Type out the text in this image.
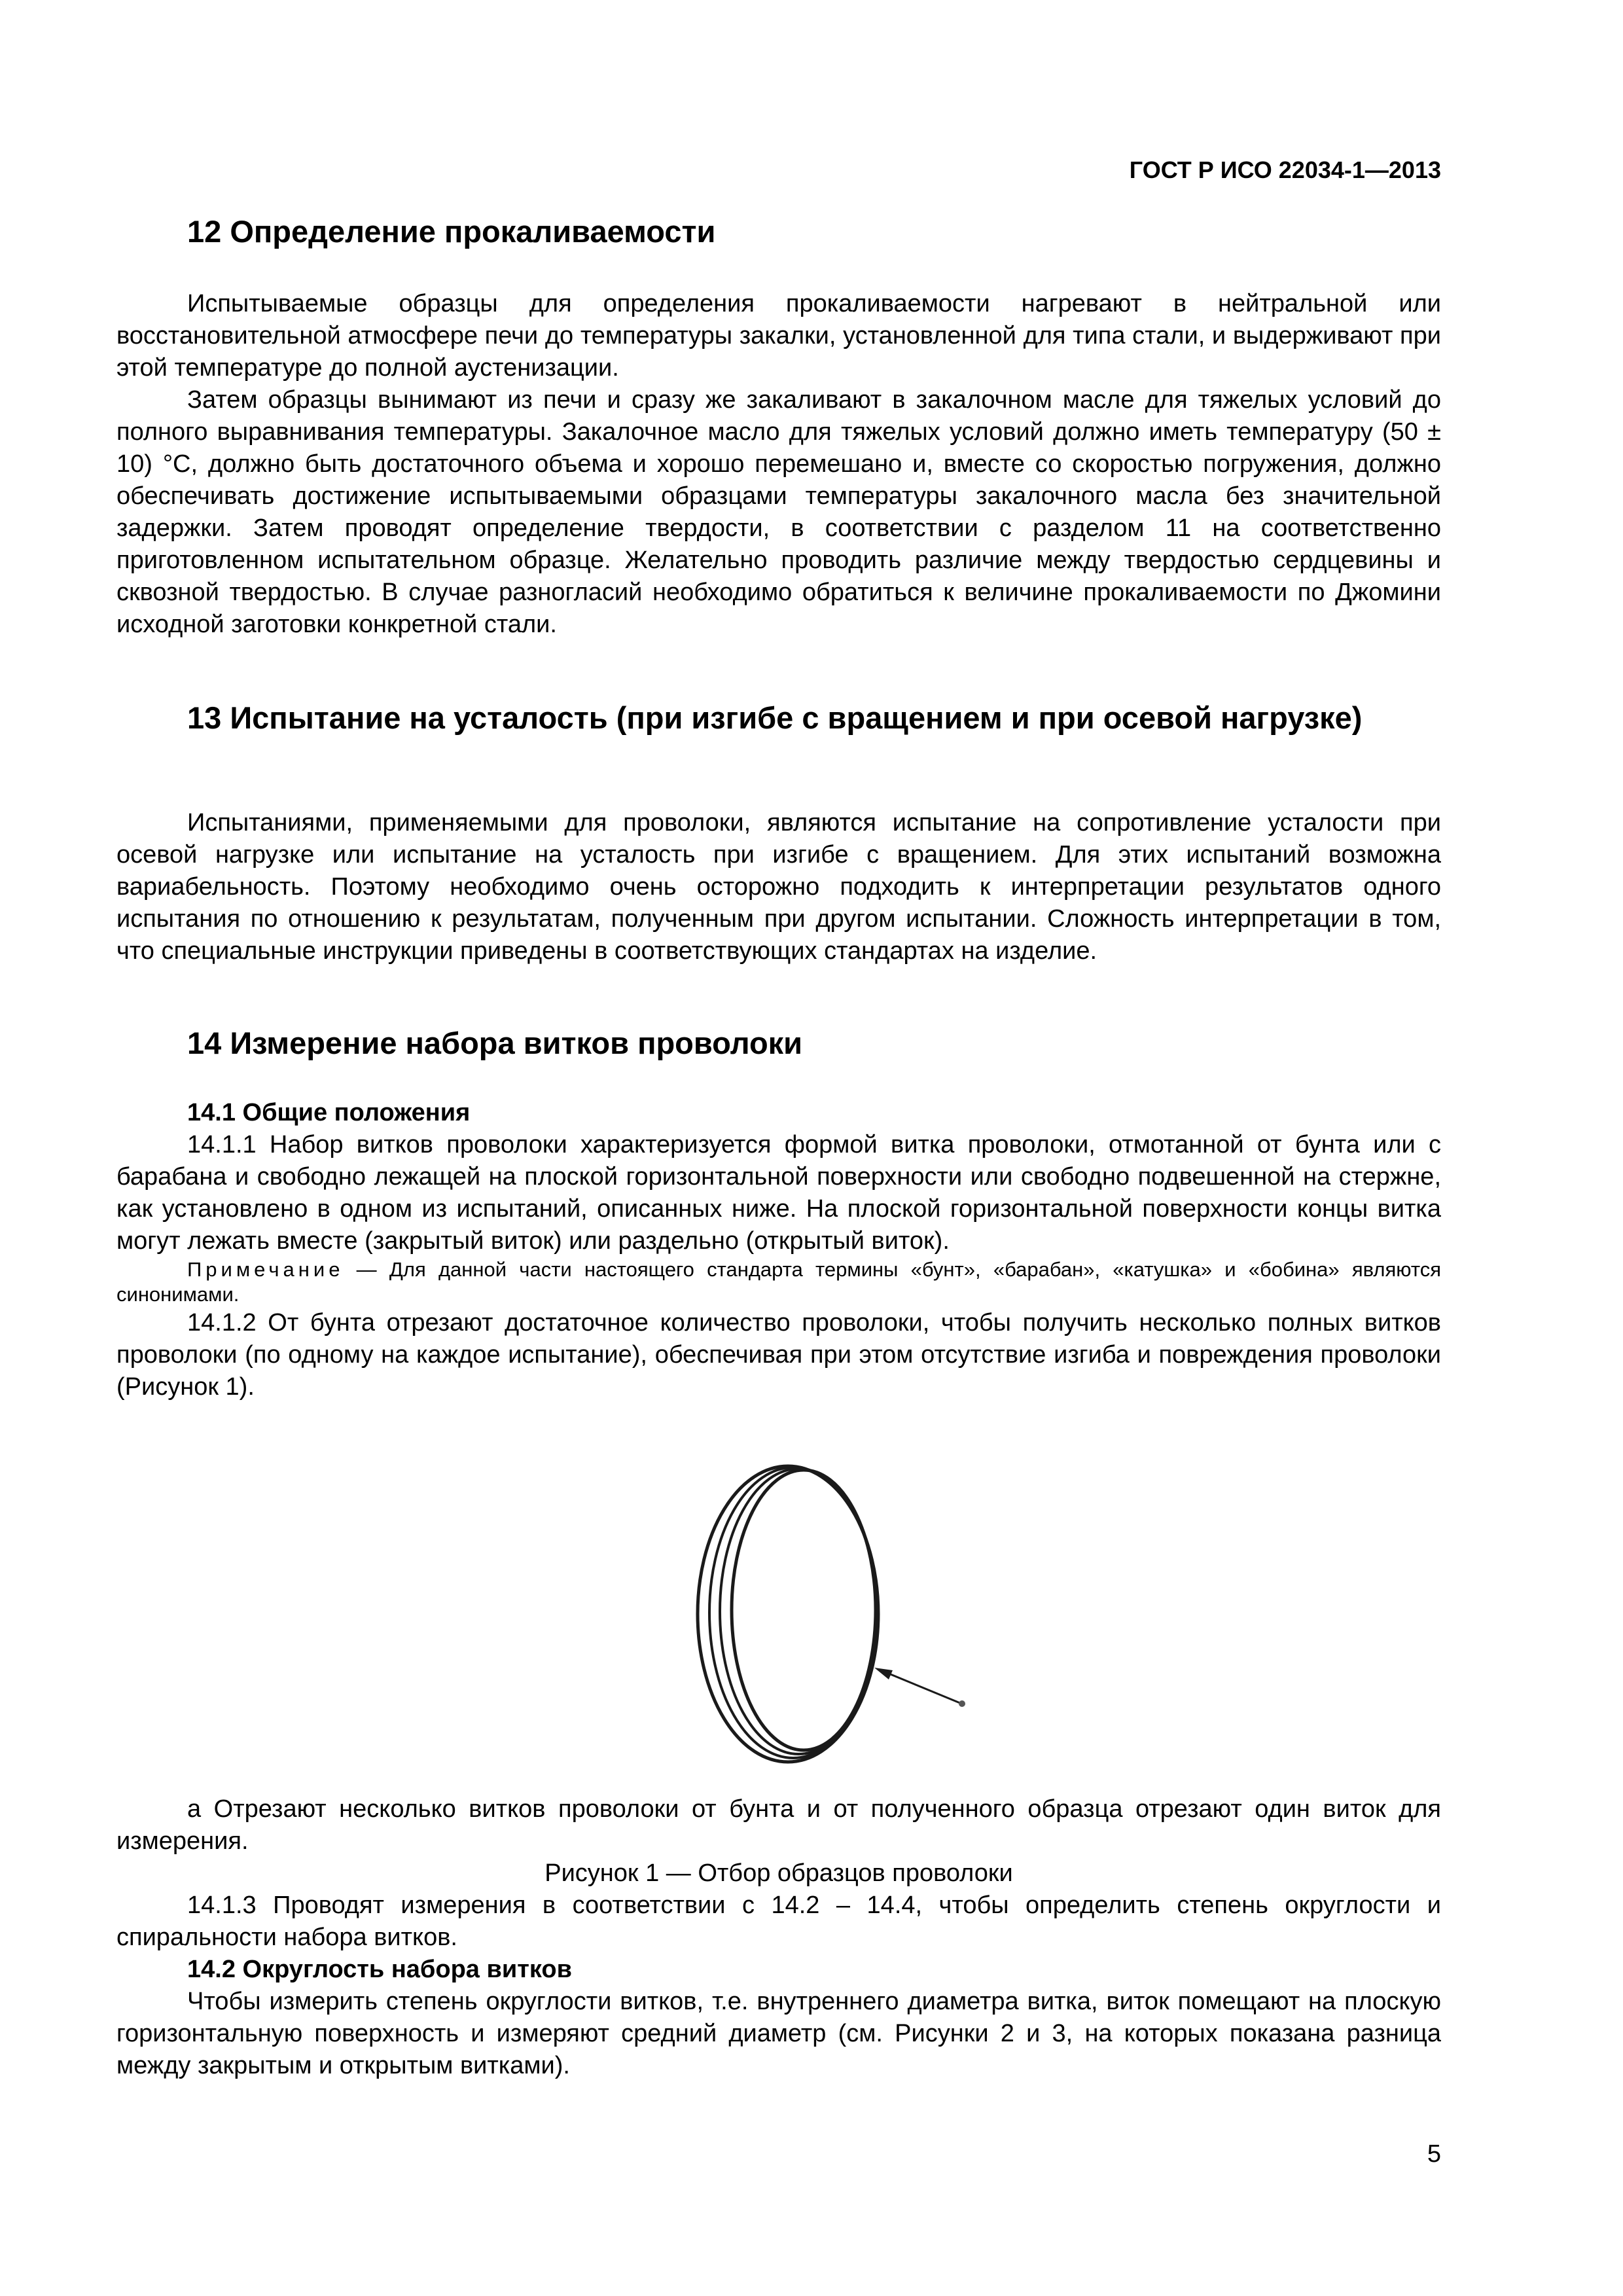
ГОСТ Р ИСО 22034-1—2013
12 Определение прокаливаемости

Испытываемые образцы для определения прокаливаемости нагревают в нейтральной или восстановительной атмосфере печи до температуры закалки, установленной для типа стали, и выдерживают при этой температуре до полной аустенизации.

Затем образцы вынимают из печи и сразу же закаливают в закалочном масле для тяжелых условий до полного выравнивания температуры. Закалочное масло для тяжелых условий должно иметь температуру (50 ± 10) °С, должно быть достаточного объема и хорошо перемешано и, вместе со скоростью погружения, должно обеспечивать достижение испытываемыми образцами температуры закалочного масла без значительной задержки. Затем проводят определение твердости, в соответствии с разделом 11 на соответственно приготовленном испытательном образце. Желательно проводить различие между твердостью сердцевины и сквозной твердостью. В случае разногласий необходимо обратиться к величине прокаливаемости по Джомини исходной заготовки конкретной стали.

13 Испытание на усталость (при изгибе с вращением и при осевой нагрузке)

Испытаниями, применяемыми для проволоки, являются испытание на сопротивление усталости при осевой нагрузке или испытание на усталость при изгибе с вращением. Для этих испытаний возможна вариабельность. Поэтому необходимо очень осторожно подходить к интерпретации результатов одного испытания по отношению к результатам, полученным при другом испытании. Сложность интерпретации в том, что специальные инструкции приведены в соответствующих стандартах на изделие.

14 Измерение набора витков проволоки
14.1 Общие положения

14.1.1 Набор витков проволоки характеризуется формой витка проволоки, отмотанной от бунта или с барабана и свободно лежащей на плоской горизонтальной поверхности или свободно подвешенной на стержне, как установлено в одном из испытаний, описанных ниже. На плоской горизонтальной поверхности концы витка могут лежать вместе (закрытый виток) или раздельно (открытый виток).

Примечание — Для данной части настоящего стандарта термины «бунт», «барабан», «катушка» и «бобина» являются синонимами.

14.1.2 От бунта отрезают достаточное количество проволоки, чтобы получить несколько полных витков проволоки (по одному на каждое испытание), обеспечивая при этом отсутствие изгиба и повреждения проволоки (Рисунок 1).

a Отрезают несколько витков проволоки от бунта и от полученного образца отрезают один виток для измерения.

Рисунок 1 — Отбор образцов проволоки

14.1.3 Проводят измерения в соответствии с 14.2 – 14.4, чтобы определить степень округлости и спиральности набора витков.

14.2 Округлость набора витков

Чтобы измерить степень округлости витков, т.е. внутреннего диаметра витка, виток помещают на плоскую горизонтальную поверхность и измеряют средний диаметр (см. Рисунки 2 и 3, на которых показана разница между закрытым и открытым витками).

5
